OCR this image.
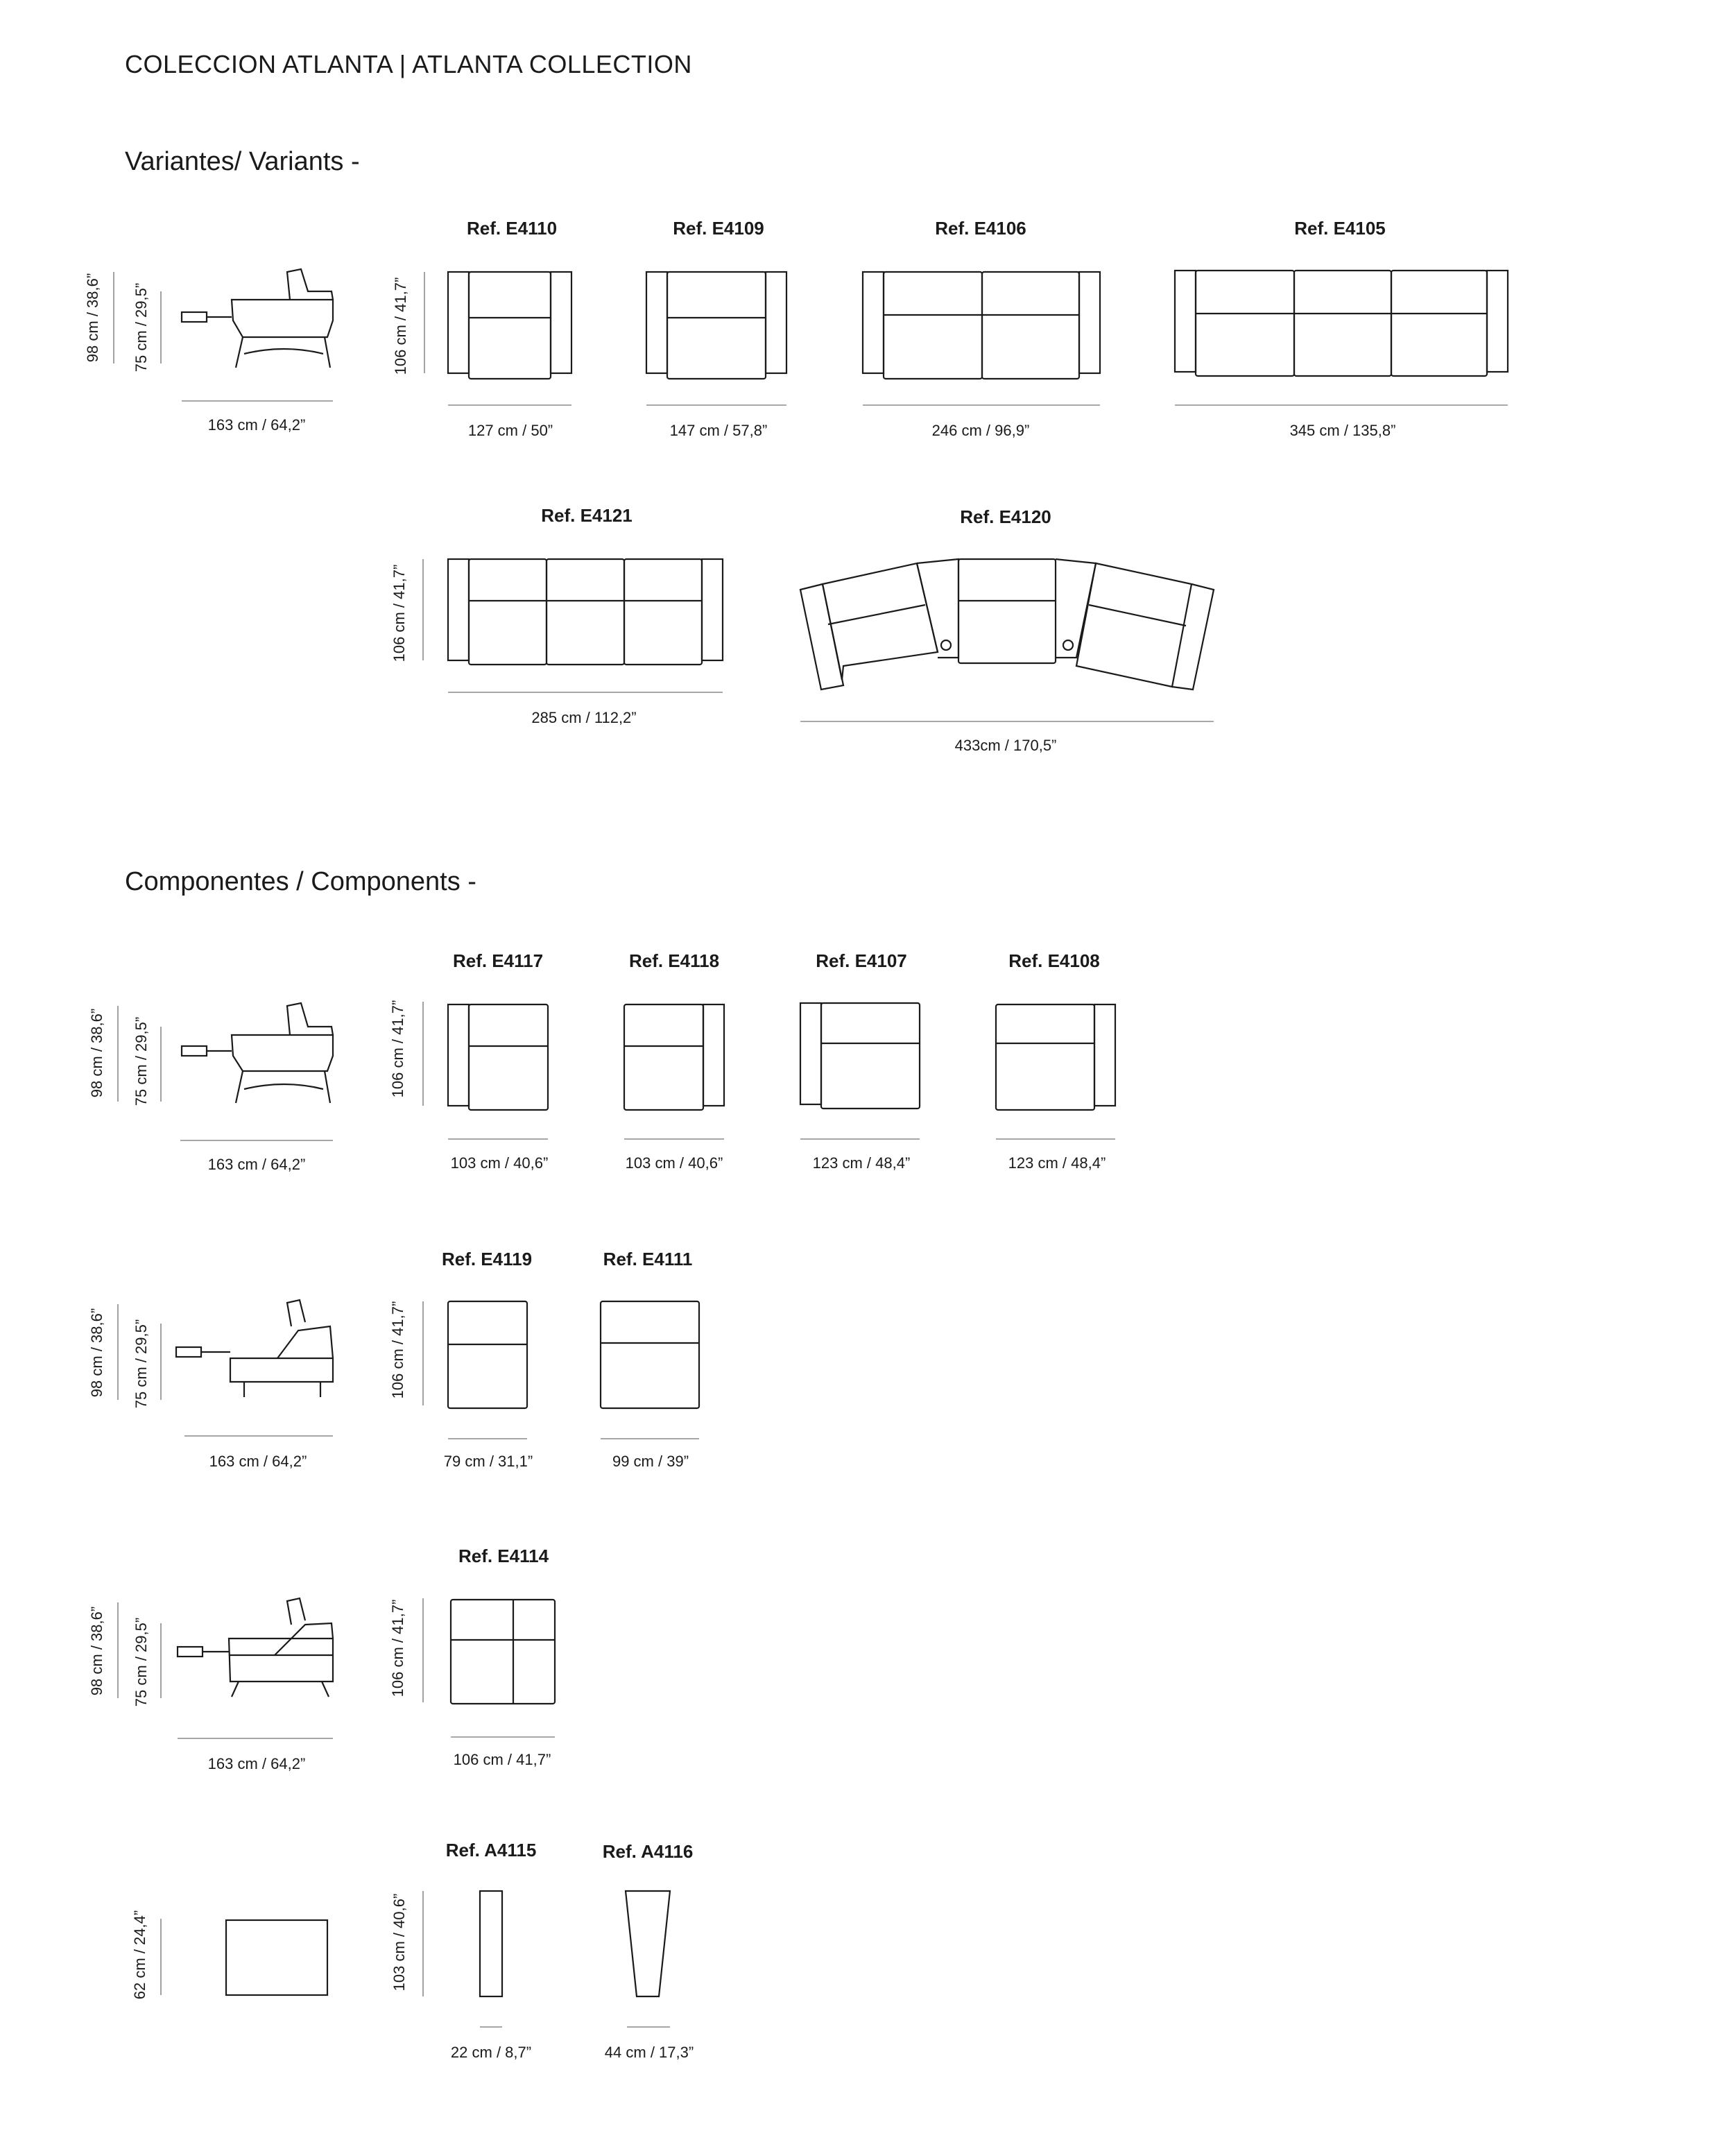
COLECCION ATLANTA | ATLANTA COLLECTION
Variantes/ Variants -
Componentes / Components -
Ref. E4110	Ref. E4109	Ref. E4106	Ref. E4105
Ref. E4121	Ref. E4120
163 cm / 64,2”	127 cm / 50”	147 cm / 57,8”	246 cm / 96,9”	345 cm / 135,8”
285 cm / 112,2”
433cm / 170,5”
98 cm / 38,6” 75 cm / 29,5”	106 cm / 41,7”
106 cm / 41,7”
Ref. E4117	Ref. E4118	Ref. E4107	Ref. E4108
163 cm / 64,2”	103 cm / 40,6”	103 cm / 40,6”	123 cm / 48,4”	123 cm / 48,4”
98 cm / 38,6” 75 cm / 29,5”	106 cm / 41,7”
Ref. E4119	Ref. E4111
163 cm / 64,2”	79 cm / 31,1”	99 cm / 39”
98 cm / 38,6” 75 cm / 29,5”	106 cm / 41,7”
Ref. E4114
163 cm / 64,2”	106 cm / 41,7”
98 cm / 38,6” 75 cm / 29,5”	106 cm / 41,7”
Ref. A4115	Ref. A4116
22 cm / 8,7”	44 cm / 17,3”
62 cm / 24,4”	103 cm / 40,6”
